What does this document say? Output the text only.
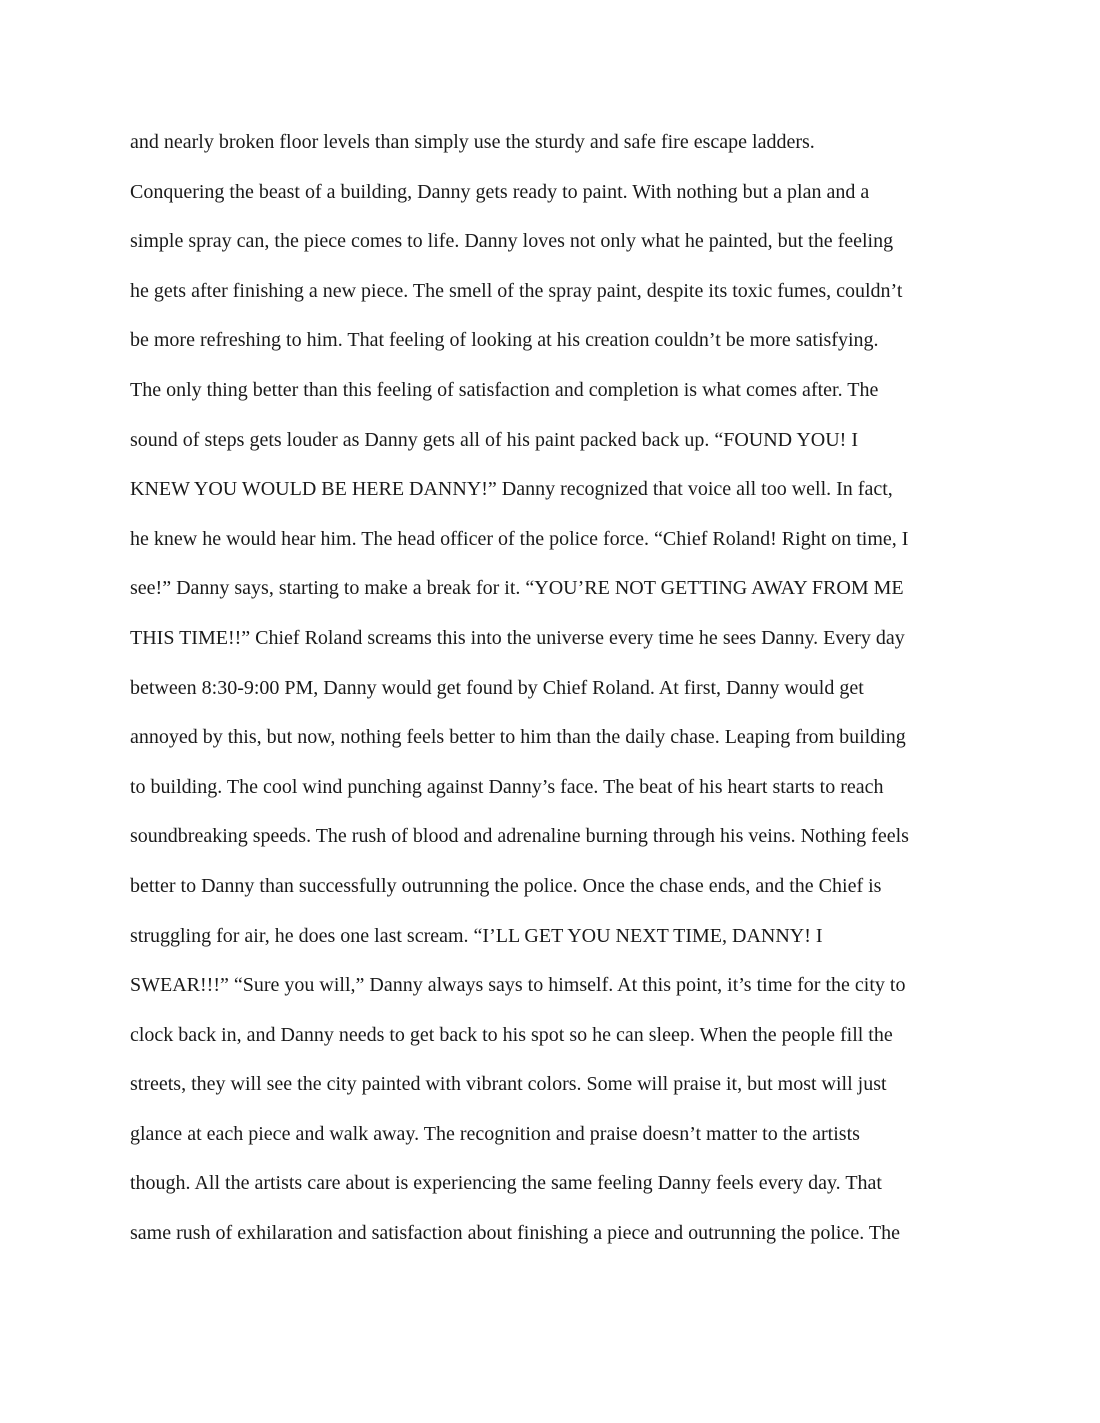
and nearly broken floor levels than simply use the sturdy and safe fire escape ladders.
Conquering the beast of a building, Danny gets ready to paint. With nothing but a plan and a
simple spray can, the piece comes to life. Danny loves not only what he painted, but the feeling
he gets after finishing a new piece. The smell of the spray paint, despite its toxic fumes, couldn’t
be more refreshing to him. That feeling of looking at his creation couldn’t be more satisfying.
The only thing better than this feeling of satisfaction and completion is what comes after. The
sound of steps gets louder as Danny gets all of his paint packed back up. “FOUND YOU! I
KNEW YOU WOULD BE HERE DANNY!” Danny recognized that voice all too well. In fact,
he knew he would hear him. The head officer of the police force. “Chief Roland! Right on time, I
see!” Danny says, starting to make a break for it. “YOU’RE NOT GETTING AWAY FROM ME
THIS TIME!!” Chief Roland screams this into the universe every time he sees Danny. Every day
between 8:30-9:00 PM, Danny would get found by Chief Roland. At first, Danny would get
annoyed by this, but now, nothing feels better to him than the daily chase. Leaping from building
to building. The cool wind punching against Danny’s face. The beat of his heart starts to reach
soundbreaking speeds. The rush of blood and adrenaline burning through his veins. Nothing feels
better to Danny than successfully outrunning the police. Once the chase ends, and the Chief is
struggling for air, he does one last scream. “I’LL GET YOU NEXT TIME, DANNY! I
SWEAR!!!” “Sure you will,” Danny always says to himself. At this point, it’s time for the city to
clock back in, and Danny needs to get back to his spot so he can sleep. When the people fill the
streets, they will see the city painted with vibrant colors. Some will praise it, but most will just
glance at each piece and walk away. The recognition and praise doesn’t matter to the artists
though. All the artists care about is experiencing the same feeling Danny feels every day. That
same rush of exhilaration and satisfaction about finishing a piece and outrunning the police. The
